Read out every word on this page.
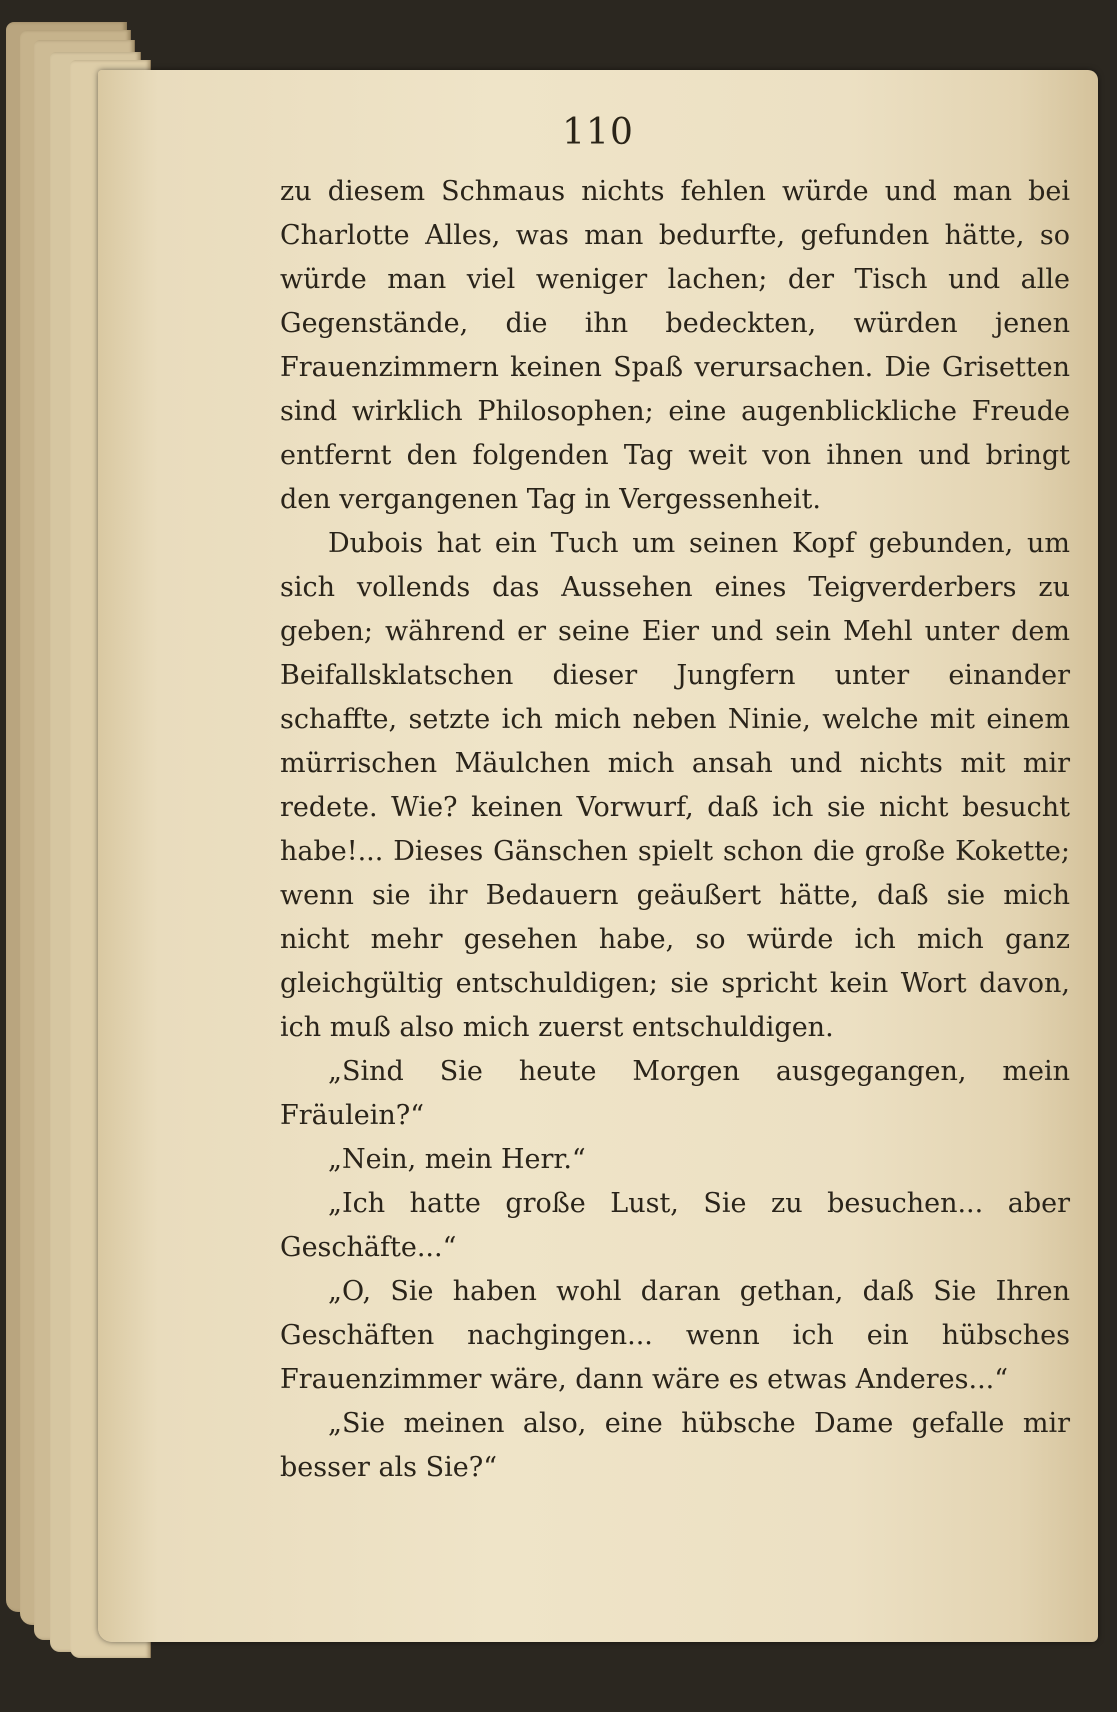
110

zu diesem Schmaus nichts fehlen würde und man bei Charlotte Alles, was man bedurfte, gefunden hätte, so würde man viel weniger lachen; der Tisch und alle Gegenstände, die ihn bedeckten, würden jenen Frauenzimmern keinen Spaß verursachen. Die Grisetten sind wirklich Philosophen; eine augenblickliche Freude entfernt den folgenden Tag weit von ihnen und bringt den vergangenen Tag in Vergessenheit.

Dubois hat ein Tuch um seinen Kopf gebunden, um sich vollends das Aussehen eines Teigverderbers zu geben; während er seine Eier und sein Mehl unter dem Beifallsklatschen dieser Jungfern unter einander schaffte, setzte ich mich neben Ninie, welche mit einem mürrischen Mäulchen mich ansah und nichts mit mir redete. Wie? keinen Vorwurf, daß ich sie nicht besucht habe!... Dieses Gänschen spielt schon die große Kokette; wenn sie ihr Bedauern geäußert hätte, daß sie mich nicht mehr gesehen habe, so würde ich mich ganz gleichgültig entschuldigen; sie spricht kein Wort davon, ich muß also mich zuerst entschuldigen.

„Sind Sie heute Morgen ausgegangen, mein Fräulein?“

„Nein, mein Herr.“

„Ich hatte große Lust, Sie zu besuchen... aber Geschäfte...“

„O, Sie haben wohl daran gethan, daß Sie Ihren Geschäften nachgingen... wenn ich ein hübsches Frauenzimmer wäre, dann wäre es etwas Anderes...“

„Sie meinen also, eine hübsche Dame gefalle mir besser als Sie?“
